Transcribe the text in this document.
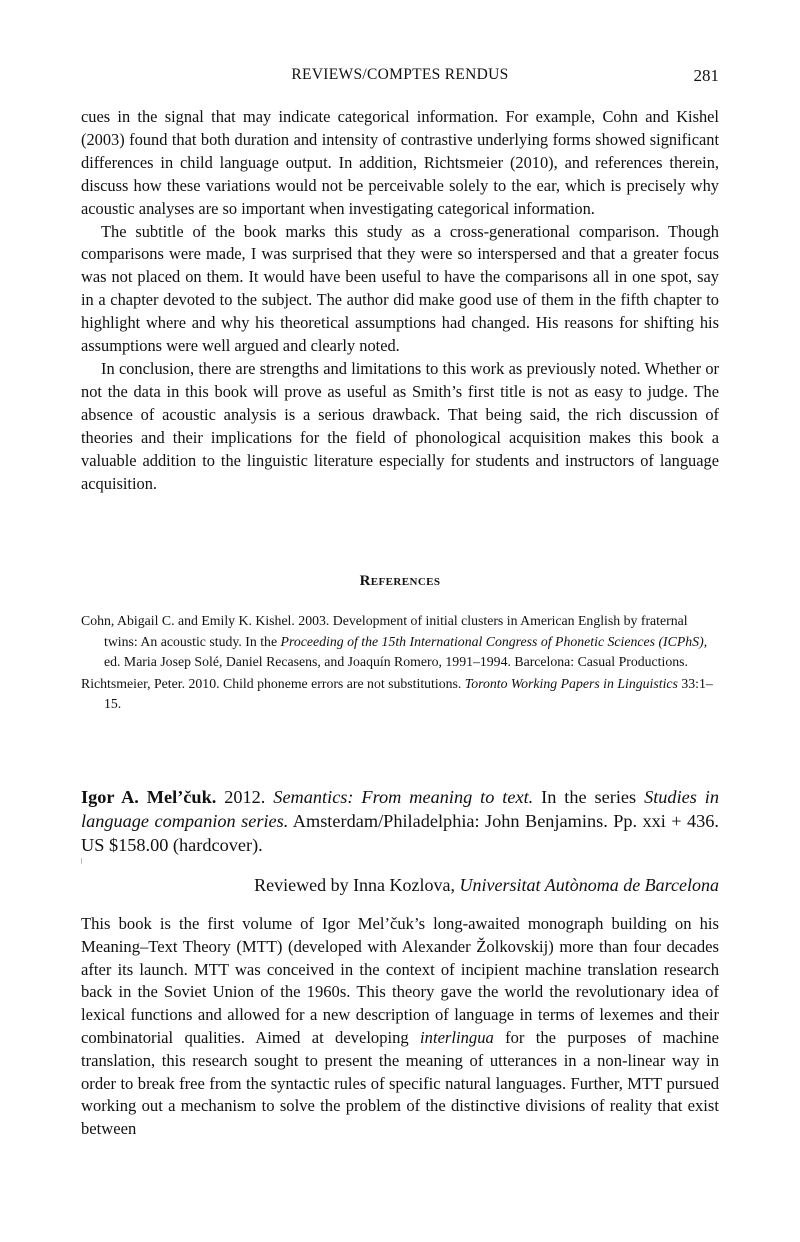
REVIEWS/COMPTES RENDUS	281

cues in the signal that may indicate categorical information. For example, Cohn and Kishel (2003) found that both duration and intensity of contrastive underlying forms showed significant differences in child language output. In addition, Richtsmeier (2010), and references therein, discuss how these variations would not be perceivable solely to the ear, which is precisely why acoustic analyses are so important when investigating categorical information.

The subtitle of the book marks this study as a cross-generational comparison. Though comparisons were made, I was surprised that they were so interspersed and that a greater focus was not placed on them. It would have been useful to have the comparisons all in one spot, say in a chapter devoted to the subject. The author did make good use of them in the fifth chapter to highlight where and why his theoretical assumptions had changed. His reasons for shifting his assumptions were well argued and clearly noted.

In conclusion, there are strengths and limitations to this work as previously noted. Whether or not the data in this book will prove as useful as Smith’s first title is not as easy to judge. The absence of acoustic analysis is a serious drawback. That being said, the rich discussion of theories and their implications for the field of phonological acquisition makes this book a valuable addition to the linguistic literature especially for students and instructors of language acquisition.

References

Cohn, Abigail C. and Emily K. Kishel. 2003. Development of initial clusters in American English by fraternal twins: An acoustic study. In the Proceeding of the 15th International Congress of Phonetic Sciences (ICPhS), ed. Maria Josep Solé, Daniel Recasens, and Joaquín Romero, 1991–1994. Barcelona: Casual Productions.

Richtsmeier, Peter. 2010. Child phoneme errors are not substitutions. Toronto Working Papers in Linguistics 33:1–15.

Igor A. Mel’čuk. 2012. Semantics: From meaning to text. In the series Studies in language companion series. Amsterdam/Philadelphia: John Benjamins. Pp. xxi + 436. US $158.00 (hardcover).
Reviewed by Inna Kozlova, Universitat Autònoma de Barcelona

This book is the first volume of Igor Mel’čuk’s long-awaited monograph building on his Meaning–Text Theory (MTT) (developed with Alexander Žolkovskij) more than four decades after its launch. MTT was conceived in the context of incipient machine translation research back in the Soviet Union of the 1960s. This theory gave the world the revolutionary idea of lexical functions and allowed for a new description of language in terms of lexemes and their combinatorial qualities. Aimed at developing interlingua for the purposes of machine translation, this research sought to present the meaning of utterances in a non-linear way in order to break free from the syntactic rules of specific natural languages. Further, MTT pursued working out a mechanism to solve the problem of the distinctive divisions of reality that exist between
